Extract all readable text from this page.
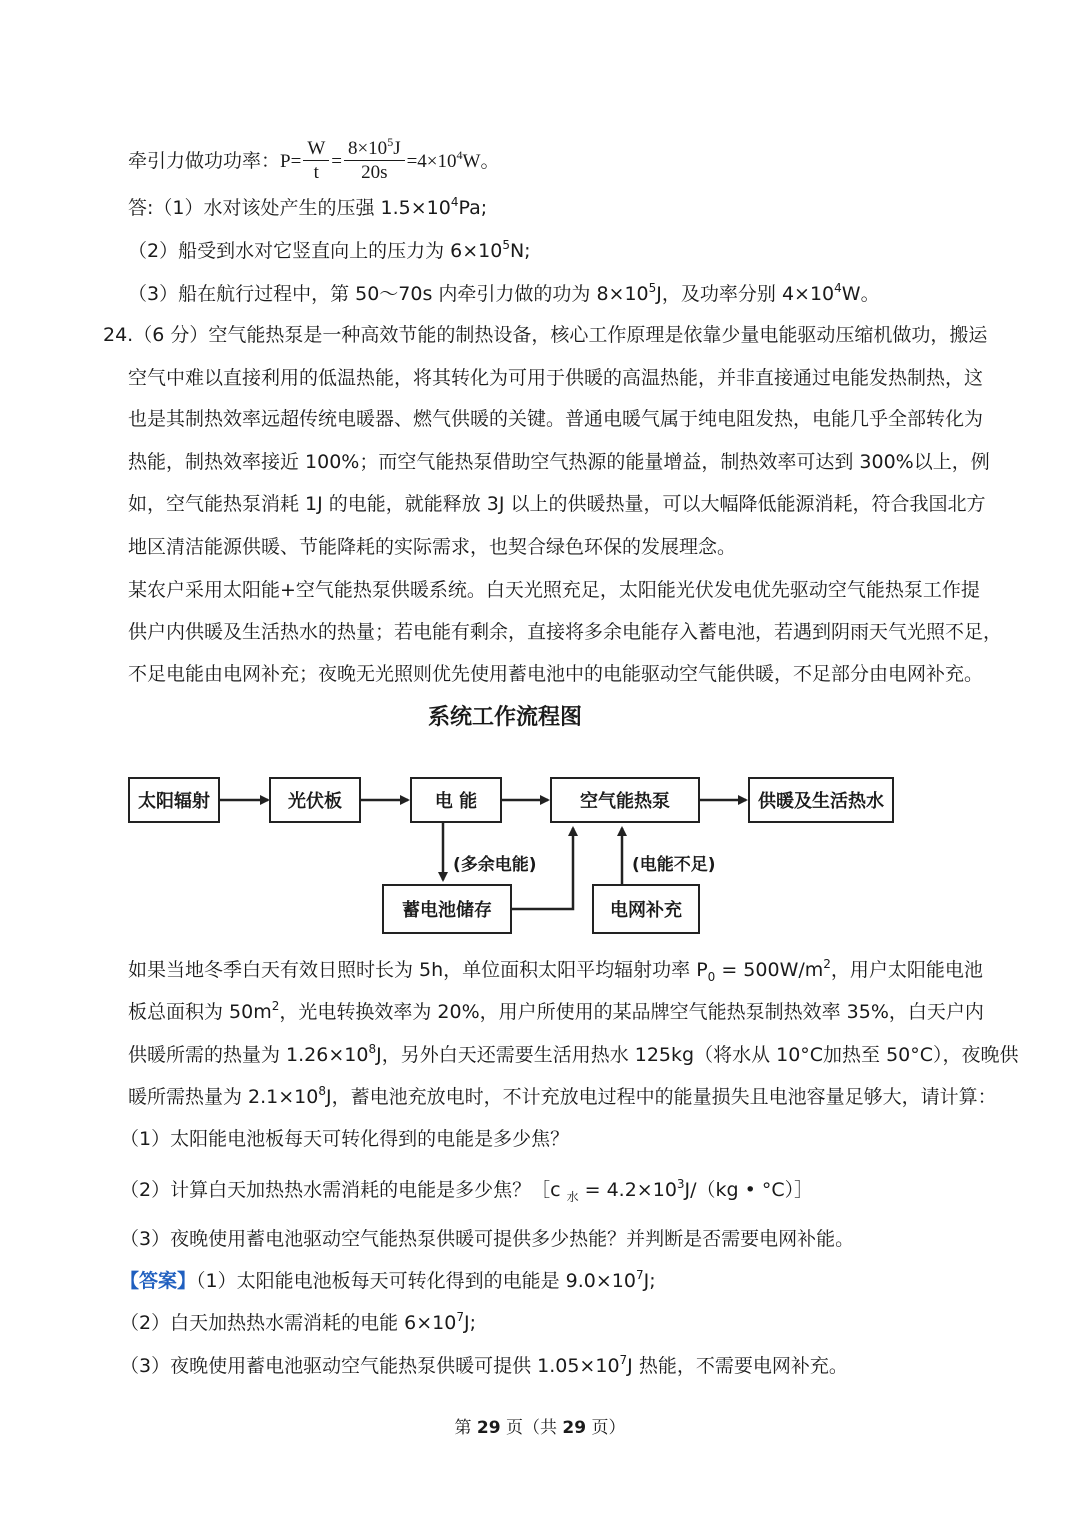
牵引力做功功率：$P= \frac{W}{t} = \frac{8\times 10^5J}{20s} =4\times 10^4W$。
答:（1）水对该处产生的压强 $1.5\times 10^4Pa$;
（2）船受到水对它竖直向上的压力为 $6\times 10^5N$;
（3）船在航行过程中，第 50～70s 内牵引力做的功为 $8\times 10^5J$，及功率分别 $4\times 10^4W$。
24.（6 分）空气能热泵是一种高效节能的制热设备，核心工作原理是依靠少量电能驱动压缩机做功，搬运
空气中难以直接利用的低温热能，将其转化为可用于供暖的高温热能，并非直接通过电能发热制热，这
也是其制热效率远超传统电暖器、燃气供暖的关键。普通电暖气属于纯电阻发热，电能几乎全部转化为
热能，制热效率接近 100%；而空气能热泵借助空气热源的能量增益，制热效率可达到 300%以上，例
如，空气能热泵消耗 1J 的电能，就能释放 3J 以上的供暖热量，可以大幅降低能源消耗，符合我国北方
地区清洁能源供暖、节能降耗的实际需求，也契合绿色环保的发展理念。
某农户采用太阳能+空气能热泵供暖系统。白天光照充足，太阳能光伏发电优先驱动空气能热泵工作提
供户内供暖及生活热水的热量；若电能有剩余，直接将多余电能存入蓄电池，若遇到阴雨天气光照不足，
不足电能由电网补充；夜晚无光照则优先使用蓄电池中的电能驱动空气能供暖，不足部分由电网补充。
系统工作流程图
太阳辐射	光伏板	电 能	空气能热泵	供暖及生活热水
蓄电池储存	电网补充
(多余电能)	(电能不足)
如果当地冬季白天有效日照时长为 5h，单位面积太阳平均辐射功率 $P_0 = 500W/m^2$，用户太阳能电池
板总面积为 $50m^2$，光电转换效率为 20%，用户所使用的某品牌空气能热泵制热效率 35%，白天户内
供暖所需的热量为 $1.26\times 10^8J$，另外白天还需要生活用热水 125kg（将水从 10°C加热至 50°C），夜晚供
暖所需热量为 $2.1\times 10^8J$，蓄电池充放电时，不计充放电过程中的能量损失且电池容量足够大，请计算：
（1）太阳能电池板每天可转化得到的电能是多少焦？
（2）计算白天加热热水需消耗的电能是多少焦？［c $_水 = 4.2\times 10^3J/(kg$ • °C）］
（3）夜晚使用蓄电池驱动空气能热泵供暖可提供多少热能？并判断是否需要电网补能。
【答案】（1）太阳能电池板每天可转化得到的电能是 $9.0\times 10^7J$;
（2）白天加热热水需消耗的电能 $6\times 10^7J$;
（3）夜晚使用蓄电池驱动空气能热泵供暖可提供 $1.05\times 10^7J$ 热能，不需要电网补充。
第 29 页（共 29 页）
